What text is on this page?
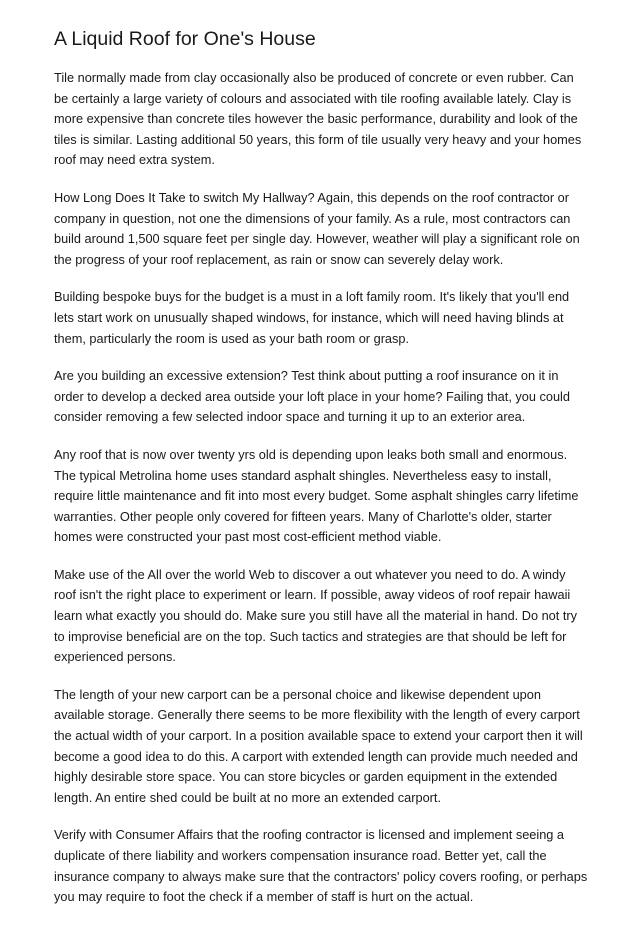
A Liquid Roof for One's House

Tile normally made from clay occasionally also be produced of concrete or even rubber. Can be certainly a large variety of colours and associated with tile roofing available lately. Clay is more expensive than concrete tiles however the basic performance, durability and look of the tiles is similar. Lasting additional 50 years, this form of tile usually very heavy and your homes roof may need extra system.

How Long Does It Take to switch My Hallway? Again, this depends on the roof contractor or company in question, not one the dimensions of your family. As a rule, most contractors can build around 1,500 square feet per single day. However, weather will play a significant role on the progress of your roof replacement, as rain or snow can severely delay work.

Building bespoke buys for the budget is a must in a loft family room. It's likely that you'll end lets start work on unusually shaped windows, for instance, which will need having blinds at them, particularly the room is used as your bath room or grasp.

Are you building an excessive extension? Test think about putting a roof insurance on it in order to develop a decked area outside your loft place in your home? Failing that, you could consider removing a few selected indoor space and turning it up to an exterior area.

Any roof that is now over twenty yrs old is depending upon leaks both small and enormous. The typical Metrolina home uses standard asphalt shingles. Nevertheless easy to install, require little maintenance and fit into most every budget. Some asphalt shingles carry lifetime warranties. Other people only covered for fifteen years. Many of Charlotte's older, starter homes were constructed your past most cost-efficient method viable.

Make use of the All over the world Web to discover a out whatever you need to do. A windy roof isn't the right place to experiment or learn. If possible, away videos of roof repair hawaii learn what exactly you should do. Make sure you still have all the material in hand. Do not try to improvise beneficial are on the top. Such tactics and strategies are that should be left for experienced persons.

The length of your new carport can be a personal choice and likewise dependent upon available storage. Generally there seems to be more flexibility with the length of every carport the actual width of your carport. In a position available space to extend your carport then it will become a good idea to do this. A carport with extended length can provide much needed and highly desirable store space. You can store bicycles or garden equipment in the extended length. An entire shed could be built at no more an extended carport.

Verify with Consumer Affairs that the roofing contractor is licensed and implement seeing a duplicate of there liability and workers compensation insurance road. Better yet, call the insurance company to always make sure that the contractors' policy covers roofing, or perhaps you may require to foot the check if a member of staff is hurt on the actual.
